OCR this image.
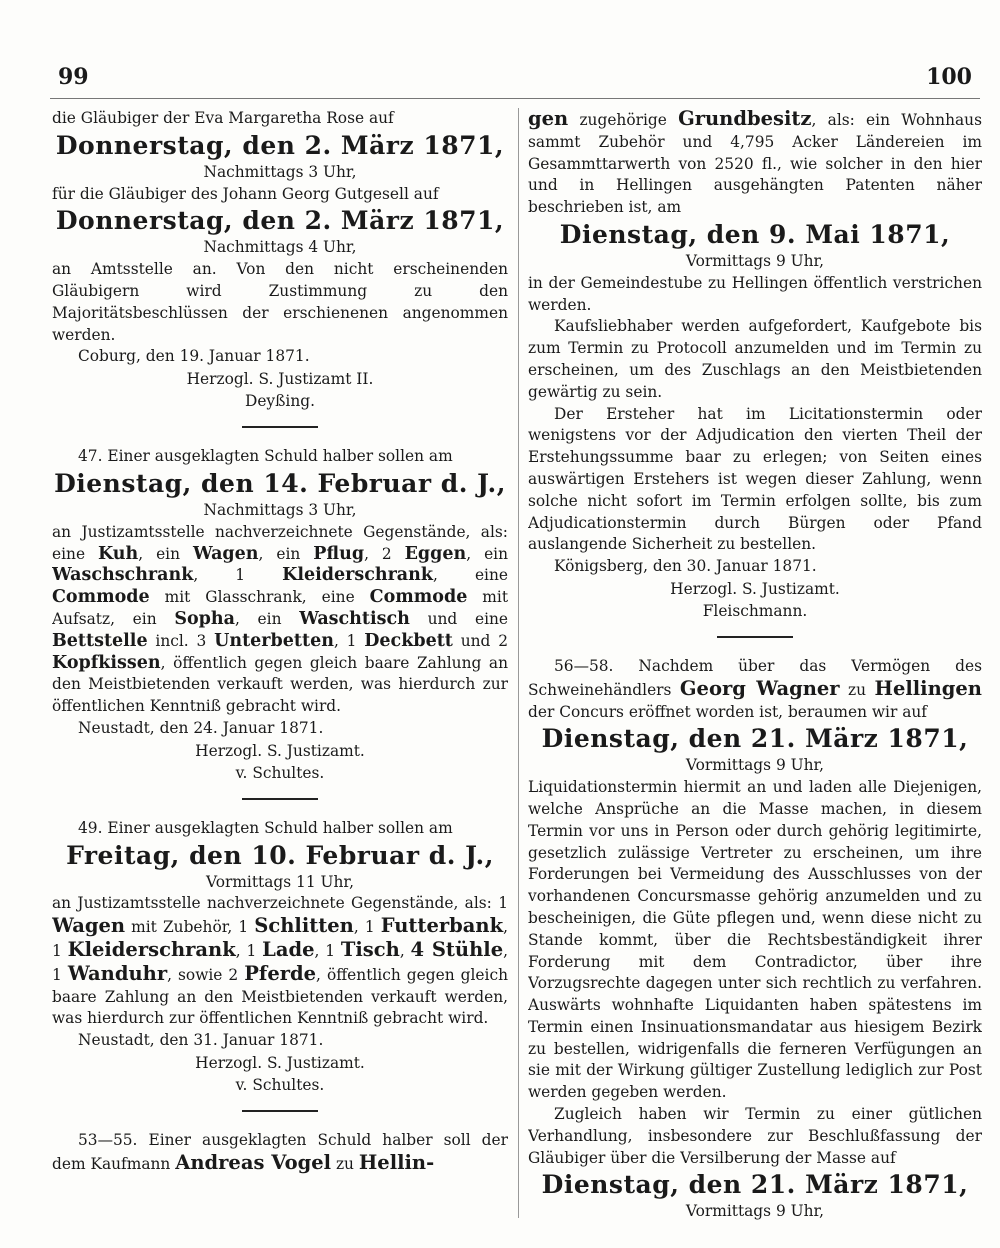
99	100

die Gläubiger der Eva Margaretha Rose auf

Donnerstag, den 2. März 1871,

Nachmittags 3 Uhr,

für die Gläubiger des Johann Georg Gutgesell auf

Donnerstag, den 2. März 1871,

Nachmittags 4 Uhr,

an Amtsstelle an. Von den nicht erscheinenden Gläubigern wird Zustimmung zu den Majoritätsbeschlüssen der erschienenen angenommen werden.

Coburg, den 19. Januar 1871.

Herzogl. S. Justizamt II.

Deyßing.

47. Einer ausgeklagten Schuld halber sollen am

Dienstag, den 14. Februar d. J.,

Nachmittags 3 Uhr,

an Justizamtsstelle nachverzeichnete Gegenstände, als: eine Kuh, ein Wagen, ein Pflug, 2 Eggen, ein Waschschrank, 1 Kleiderschrank, eine Commode mit Glasschrank, eine Commode mit Aufsatz, ein Sopha, ein Waschtisch und eine Bettstelle incl. 3 Unterbetten, 1 Deckbett und 2 Kopfkissen, öffentlich gegen gleich baare Zahlung an den Meistbietenden verkauft werden, was hierdurch zur öffentlichen Kenntniß gebracht wird.

Neustadt, den 24. Januar 1871.

Herzogl. S. Justizamt.

v. Schultes.

49. Einer ausgeklagten Schuld halber sollen am

Freitag, den 10. Februar d. J.,

Vormittags 11 Uhr,

an Justizamtsstelle nachverzeichnete Gegenstände, als: 1 Wagen mit Zubehör, 1 Schlitten, 1 Futterbank, 1 Kleiderschrank, 1 Lade, 1 Tisch, 4 Stühle, 1 Wanduhr, sowie 2 Pferde, öffentlich gegen gleich baare Zahlung an den Meistbietenden verkauft werden, was hierdurch zur öffentlichen Kenntniß gebracht wird.

Neustadt, den 31. Januar 1871.

Herzogl. S. Justizamt.

v. Schultes.

53—55. Einer ausgeklagten Schuld halber soll der dem Kaufmann Andreas Vogel zu Hellin-

gen zugehörige Grundbesitz, als: ein Wohnhaus sammt Zubehör und 4,795 Acker Ländereien im Gesammttarwerth von 2520 fl., wie solcher in den hier und in Hellingen ausgehängten Patenten näher beschrieben ist, am

Dienstag, den 9. Mai 1871,

Vormittags 9 Uhr,

in der Gemeindestube zu Hellingen öffentlich verstrichen werden.

Kaufsliebhaber werden aufgefordert, Kaufgebote bis zum Termin zu Protocoll anzumelden und im Termin zu erscheinen, um des Zuschlags an den Meistbietenden gewärtig zu sein.

Der Ersteher hat im Licitationstermin oder wenigstens vor der Adjudication den vierten Theil der Erstehungssumme baar zu erlegen; von Seiten eines auswärtigen Erstehers ist wegen dieser Zahlung, wenn solche nicht sofort im Termin erfolgen sollte, bis zum Adjudicationstermin durch Bürgen oder Pfand auslangende Sicherheit zu bestellen.

Königsberg, den 30. Januar 1871.

Herzogl. S. Justizamt.

Fleischmann.

56—58. Nachdem über das Vermögen des Schweinehändlers Georg Wagner zu Hellingen der Concurs eröffnet worden ist, beraumen wir auf

Dienstag, den 21. März 1871,

Vormittags 9 Uhr,

Liquidationstermin hiermit an und laden alle Diejenigen, welche Ansprüche an die Masse machen, in diesem Termin vor uns in Person oder durch gehörig legitimirte, gesetzlich zulässige Vertreter zu erscheinen, um ihre Forderungen bei Vermeidung des Ausschlusses von der vorhandenen Concursmasse gehörig anzumelden und zu bescheinigen, die Güte pflegen und, wenn diese nicht zu Stande kommt, über die Rechtsbeständigkeit ihrer Forderung mit dem Contradictor, über ihre Vorzugsrechte dagegen unter sich rechtlich zu verfahren. Auswärts wohnhafte Liquidanten haben spätestens im Termin einen Insinuationsmandatar aus hiesigem Bezirk zu bestellen, widrigenfalls die ferneren Verfügungen an sie mit der Wirkung gültiger Zustellung lediglich zur Post werden gegeben werden.

Zugleich haben wir Termin zu einer gütlichen Verhandlung, insbesondere zur Beschlußfassung der Gläubiger über die Versilberung der Masse auf

Dienstag, den 21. März 1871,

Vormittags 9 Uhr,
